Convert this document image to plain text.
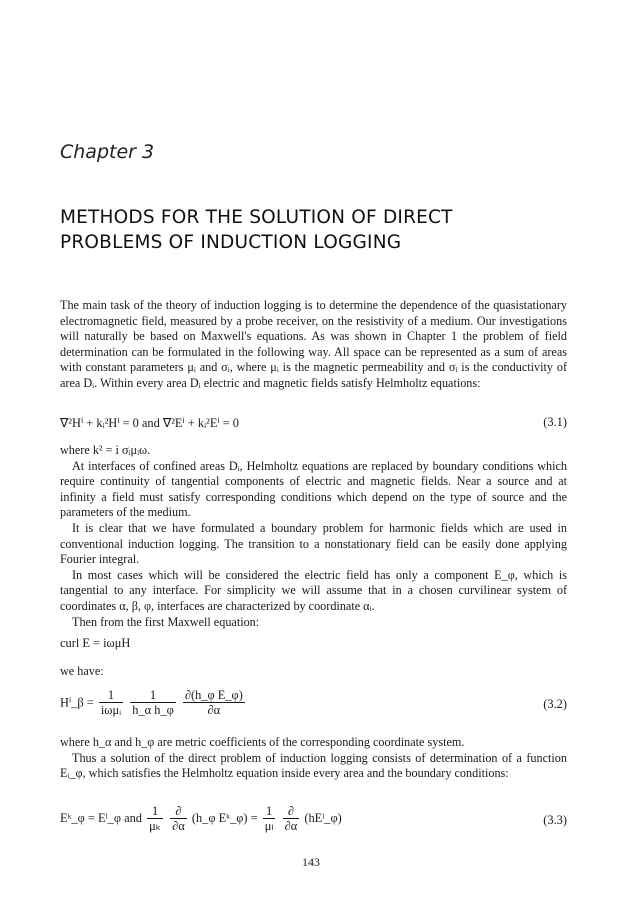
Chapter 3
METHODS FOR THE SOLUTION OF DIRECT
PROBLEMS OF INDUCTION LOGGING

The main task of the theory of induction logging is to determine the dependence of the quasistationary electromagnetic field, measured by a probe receiver, on the resistivity of a medium. Our investigations will naturally be based on Maxwell's equations. As was shown in Chapter 1 the problem of field determination can be formulated in the following way. All space can be represented as a sum of areas with constant parameters μᵢ and σᵢ, where μᵢ is the magnetic permeability and σᵢ is the conductivity of area Dᵢ. Within every area Dᵢ electric and magnetic fields satisfy Helmholtz equations:

∇²Hⁱ + kᵢ²Hⁱ = 0 and ∇²Eⁱ + kᵢ²Eⁱ = 0	(3.1)

where k² = i σᵢμᵢω.

At interfaces of confined areas Dᵢ, Helmholtz equations are replaced by boundary conditions which require continuity of tangential components of electric and magnetic fields. Near a source and at infinity a field must satisfy corresponding conditions which depend on the type of source and the parameters of the medium.

It is clear that we have formulated a boundary problem for harmonic fields which are used in conventional induction logging. The transition to a nonstationary field can be easily done applying Fourier integral.

In most cases which will be considered the electric field has only a component E_φ, which is tangential to any interface. For simplicity we will assume that in a chosen curvilinear system of coordinates α, β, φ, interfaces are characterized by coordinate αᵢ.

Then from the first Maxwell equation:

curl E = iωμH

we have:

Hⁱ_β = $\frac{1}{\text{iωμᵢ}}$
$\frac{1}{\text{h\_α h\_φ}}$
$\frac{\text{∂(h\_φ E\_φ)}}{\partial\alpha}$	(3.2)

where h_α and h_φ are metric coefficients of the corresponding coordinate system.

Thus a solution of the direct problem of induction logging consists of determination of a function Eᵢ_φ, which satisfies the Helmholtz equation inside every area and the boundary conditions:

Eᵏ_φ = Eˡ_φ and $\frac{1}{\text{μₖ}}$
$\frac{\partial}{\partial\alpha}$ (h_φ Eᵏ_φ) = $\frac{1}{\text{μₗ}}$
$\frac{\partial}{\partial\alpha}$ (hEˡ_φ)	(3.3)
143
